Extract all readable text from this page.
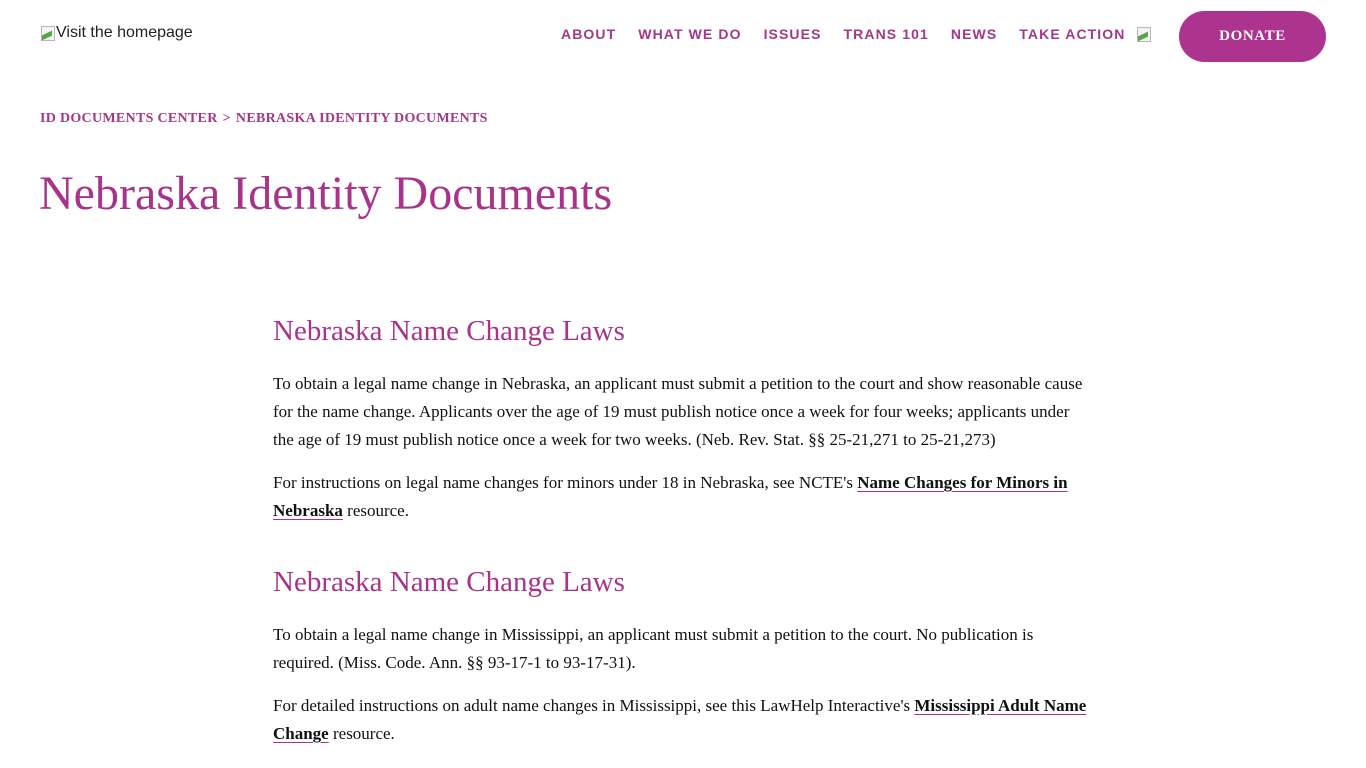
Visit the homepage	ABOUT WHAT WE DO ISSUES TRANS 101 NEWS TAKE ACTION	DONATE
ID DOCUMENTS CENTER > NEBRASKA IDENTITY DOCUMENTS
Nebraska Identity Documents
Nebraska Name Change Laws

To obtain a legal name change in Nebraska, an applicant must submit a petition to the court and show reasonable cause for the name change. Applicants over the age of 19 must publish notice once a week for four weeks; applicants under the age of 19 must publish notice once a week for two weeks. (Neb. Rev. Stat. §§ 25-21,271 to 25-21,273)

For instructions on legal name changes for minors under 18 in Nebraska, see NCTE's Name Changes for Minors in Nebraska resource.

Nebraska Name Change Laws

To obtain a legal name change in Mississippi, an applicant must submit a petition to the court. No publication is required. (Miss. Code. Ann. §§ 93-17-1 to 93-17-31).

For detailed instructions on adult name changes in Mississippi, see this LawHelp Interactive's Mississippi Adult Name Change resource.
